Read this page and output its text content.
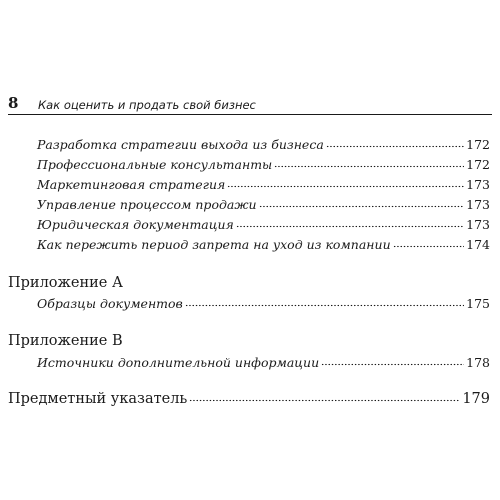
8 Как оценить и продать свой бизнес
Разработка стратегии выхода из бизнеса	172
Профессиональные консультанты	172
Маркетинговая стратегия	173
Управление процессом продажи	173
Юридическая документация	173
Как пережить период запрета на уход из компании	174
Приложение А
Образцы документов	175
Приложение В
Источники дополнительной информации	178
Предметный указатель	179
